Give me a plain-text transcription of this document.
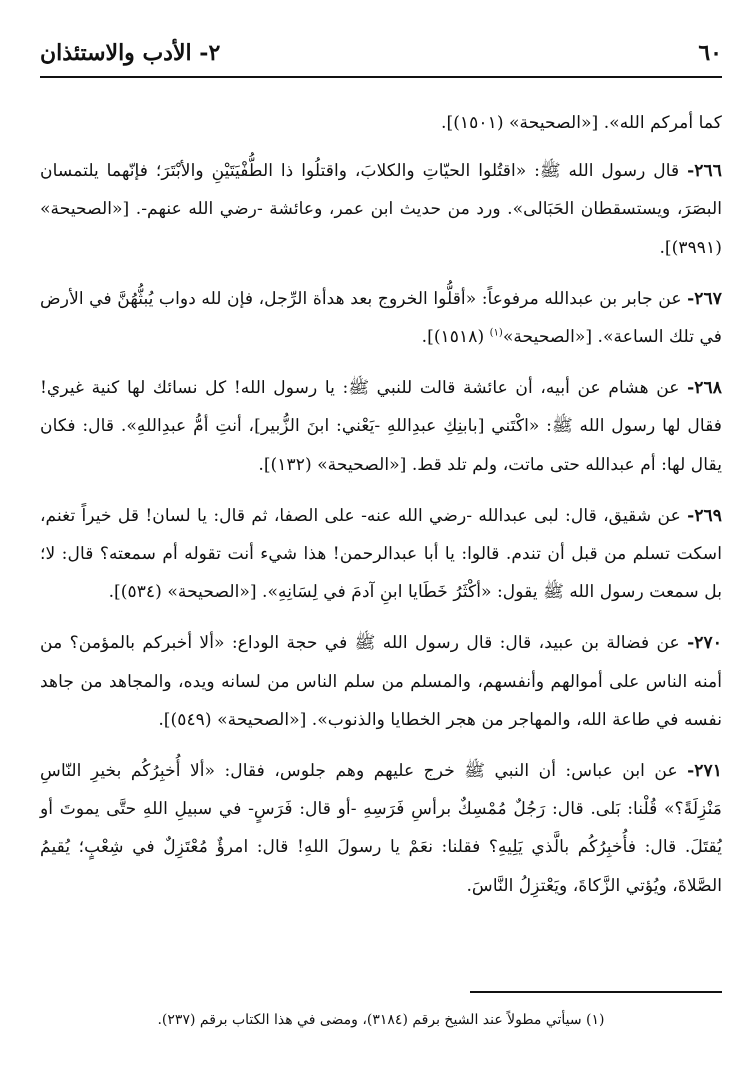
٦٠
٢- الأدب والاستئذان

كما أمركم الله». [«الصحيحة» (١٥٠١)].

٢٦٦- قال رسول الله ﷺ: «اقتُلوا الحيّاتِ والكلابَ، واقتلُوا ذا الطُّفْيَتَيْنِ والأبْتَرَ؛ فإنّهما يلتمسان البصَرَ، ويستسقطان الحَبَالى». ورد من حديث ابن عمر، وعائشة -رضي الله عنهم-. [«الصحيحة» (٣٩٩١)].

٢٦٧- عن جابر بن عبدالله مرفوعاً: «أقلُّوا الخروج بعد هدأة الرِّجل، فإن لله دواب يُبثُّهُنَّ في الأرض في تلك الساعة». [«الصحيحة»$^{(١)}$ (١٥١٨)].

٢٦٨- عن هشام عن أبيه، أن عائشة قالت للنبي ﷺ: يا رسول الله! كل نسائك لها كنية غيري! فقال لها رسول الله ﷺ: «اكْتَني [بابنِكِ عبدِاللهِ -يَعْني: ابنَ الزُّبير]، أنتِ أمُّ عبدِاللهِ». قال: فكان يقال لها: أم عبدالله حتى ماتت، ولم تلد قط. [«الصحيحة» (١٣٢)].

٢٦٩- عن شقيق، قال: لبى عبدالله -رضي الله عنه- على الصفا، ثم قال: يا لسان! قل خيراً تغنم، اسكت تسلم من قبل أن تندم. قالوا: يا أبا عبدالرحمن! هذا شيء أنت تقوله أم سمعته؟ قال: لا؛ بل سمعت رسول الله ﷺ يقول: «أكْثَرُ خَطَايا ابنِ آدمَ في لِسَانِهِ». [«الصحيحة» (٥٣٤)].

٢٧٠- عن فضالة بن عبيد، قال: قال رسول الله ﷺ في حجة الوداع: «ألا أخبركم بالمؤمن؟ من أمنه الناس على أموالهم وأنفسهم، والمسلم من سلم الناس من لسانه ويده، والمجاهد من جاهد نفسه في طاعة الله، والمهاجر من هجر الخطايا والذنوب». [«الصحيحة» (٥٤٩)].

٢٧١- عن ابن عباس: أن النبي ﷺ خرج عليهم وهم جلوس، فقال: «ألا أُخبِرُكُم بخيرِ النّاسِ مَنْزِلَةً؟» قُلْنا: بَلى. قال: رَجُلٌ مُمْسِكٌ برأسِ فَرَسِهِ -أو قال: فَرَسٍ- في سبيلِ اللهِ حتَّى يموتَ أو يُقتَلَ. قال: فأُخبِرُكُم بالَّذي يَلِيهِ؟ فقلنا: نعَمْ يا رسولَ اللهِ! قال: امرؤٌ مُعْتَزِلٌ في شِعْبٍ؛ يُقيمُ الصَّلاةَ، ويُؤتي الزَّكاةَ، ويَعْتزِلُ النَّاسَ.

(١) سيأتي مطولاً عند الشيخ برقم (٣١٨٤)، ومضى في هذا الكتاب برقم (٢٣٧).
